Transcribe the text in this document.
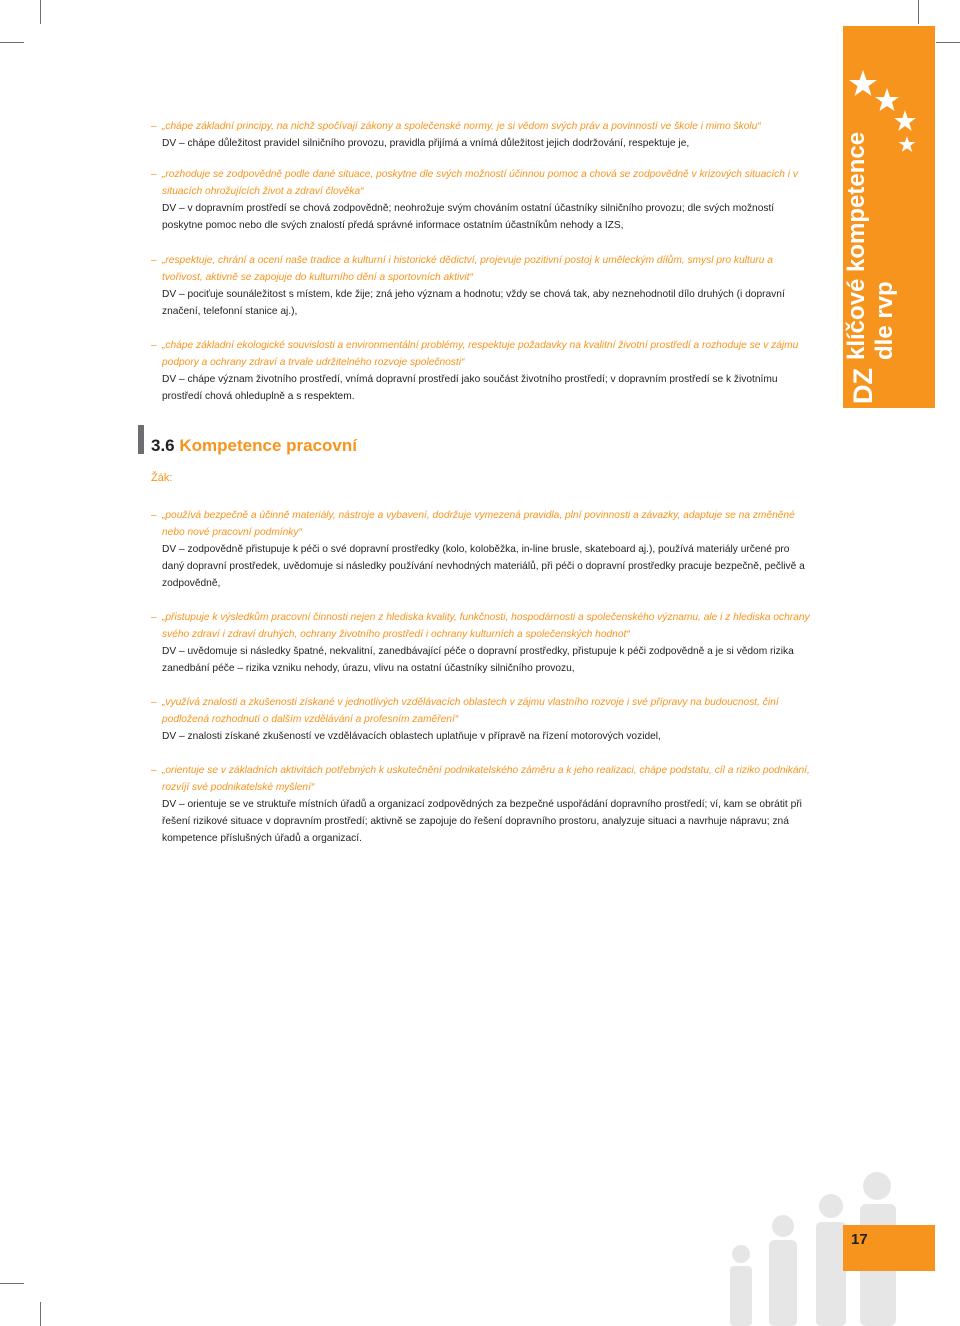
– „chápe základní principy, na nichž spočívají zákony a společenské normy, je si vědom svých práv a povinností ve škole i mimo školu“
DV – chápe důležitost pravidel silničního provozu, pravidla přijímá a vnímá důležitost jejich dodržování, respektuje je,
– „rozhoduje se zodpovědně podle dané situace, poskytne dle svých možností účinnou pomoc a chová se zodpovědně v krizových situacích i v situacích ohrožujících život a zdraví člověka“
DV – v dopravním prostředí se chová zodpovědně; neohrožuje svým chováním ostatní účastníky silničního provozu; dle svých možností poskytne pomoc nebo dle svých znalostí předá správné informace ostatním účastníkům nehody a IZS,
– „respektuje, chrání a ocení naše tradice a kulturní i historické dědictví, projevuje pozitivní postoj k uměleckým dílům, smysl pro kulturu a tvořivost, aktivně se zapojuje do kulturního dění a sportovních aktivit“
DV – pociťuje sounáležitost s místem, kde žije; zná jeho význam a hodnotu; vždy se chová tak, aby neznehodnotil dílo druhých (i dopravní značení, telefonní stanice aj.),
– „chápe základní ekologické souvislosti a environmentální problémy, respektuje požadavky na kvalitní životní prostředí a rozhoduje se v zájmu podpory a ochrany zdraví a trvale udržitelného rozvoje společnosti“
DV – chápe význam životního prostředí, vnímá dopravní prostředí jako součást životního prostředí; v dopravním prostředí se k životnímu prostředí chová ohleduplně a s respektem.
3.6 Kompetence pracovní
Žák:
– „používá bezpečně a účinně materiály, nástroje a vybavení, dodržuje vymezená pravidla, plní povinnosti a závazky, adaptuje se na změněné nebo nové pracovní podmínky“
DV – zodpovědně přistupuje k péči o své dopravní prostředky (kolo, koloběžka, in-line brusle, skateboard aj.), používá materiály určené pro daný dopravní prostředek, uvědomuje si následky používání nevhodných materiálů, při péči o dopravní prostředky pracuje bezpečně, pečlivě a zodpovědně,
– „přistupuje k výsledkům pracovní činnosti nejen z hlediska kvality, funkčnosti, hospodárnosti a společenského významu, ale i z hlediska ochrany svého zdraví i zdraví druhých, ochrany životního prostředí i ochrany kulturních a společenských hodnot“
DV – uvědomuje si následky špatné, nekvalitní, zanedbávající péče o dopravní prostředky, přistupuje k péči zodpovědně a je si vědom rizika zanedbání péče – rizika vzniku nehody, úrazu, vlivu na ostatní účastníky silničního provozu,
– „využívá znalosti a zkušenosti získané v jednotlivých vzdělávacích oblastech v zájmu vlastního rozvoje i své přípravy na budoucnost, činí podložená rozhodnutí o dalším vzdělávání a profesním zaměření“
DV – znalosti získané zkušeností ve vzdělávacích oblastech uplatňuje v přípravě na řízení motorových vozidel,
– „orientuje se v základních aktivitách potřebných k uskutečnění podnikatelského záměru a k jeho realizaci, chápe podstatu, cíl a riziko podnikání, rozvíjí své podnikatelské myšlení“
DV – orientuje se ve struktuře místních úřadů a organizací zodpovědných za bezpečné uspořádání dopravního prostředí; ví, kam se obrátit při řešení rizikové situace v dopravním prostředí; aktivně se zapojuje do řešení dopravního prostoru, analyzuje situaci a navrhuje nápravu; zná kompetence příslušných úřadů a organizací.
DZ
klíčové kompetence dle rvp
17
